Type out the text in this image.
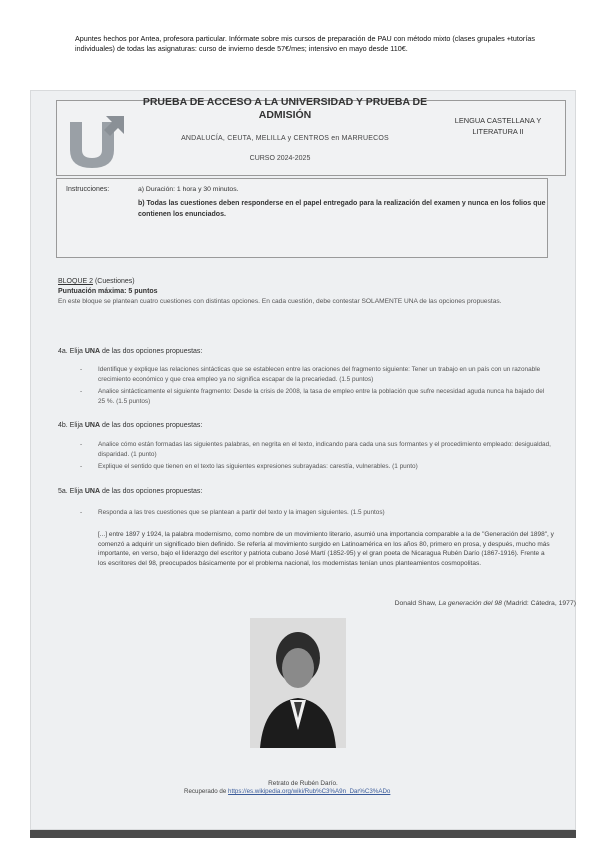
Apuntes hechos por Antea, profesora particular. Infórmate sobre mis cursos de preparación de PAU con método mixto (clases grupales +tutorías individuales) de todas las asignaturas: curso de invierno desde 57€/mes; intensivo en mayo desde 110€.
PRUEBA DE ACCESO A LA UNIVERSIDAD Y PRUEBA DE ADMISIÓN
ANDALUCÍA, CEUTA, MELILLA y CENTROS en MARRUECOS
CURSO 2024-2025
LENGUA CASTELLANA Y LITERATURA II
Instrucciones:	a) Duración: 1 hora y 30 minutos.
b) Todas las cuestiones deben responderse en el papel entregado para la realización del examen y nunca en los folios que contienen los enunciados.
BLOQUE 2 (Cuestiones)
Puntuación máxima: 5 puntos
En este bloque se plantean cuatro cuestiones con distintas opciones. En cada cuestión, debe contestar SOLAMENTE UNA de las opciones propuestas.
4a. Elija UNA de las dos opciones propuestas:
- Identifique y explique las relaciones sintácticas que se establecen entre las oraciones del fragmento siguiente: Tener un trabajo en un país con un razonable crecimiento económico y que crea empleo ya no significa escapar de la precariedad. (1.5 puntos)
- Analice sintácticamente el siguiente fragmento: Desde la crisis de 2008, la tasa de empleo entre la población que sufre necesidad aguda nunca ha bajado del 25 %. (1.5 puntos)
4b. Elija UNA de las dos opciones propuestas:
- Analice cómo están formadas las siguientes palabras, en negrita en el texto, indicando para cada una sus formantes y el procedimiento empleado: desigualdad, disparidad. (1 punto)
- Explique el sentido que tienen en el texto las siguientes expresiones subrayadas: carestía, vulnerables. (1 punto)
5a. Elija UNA de las dos opciones propuestas:
- Responda a las tres cuestiones que se plantean a partir del texto y la imagen siguientes. (1.5 puntos)
[...] entre 1897 y 1924, la palabra modernismo, como nombre de un movimiento literario, asumió una importancia comparable a la de "Generación del 1898", y comenzó a adquirir un significado bien definido. Se refería al movimiento surgido en Latinoamérica en los años 80, primero en prosa, y después, mucho más importante, en verso, bajo el liderazgo del escritor y patriota cubano José Martí (1852-95) y el gran poeta de Nicaragua Rubén Darío (1867-1916). Frente a los escritores del 98, preocupados básicamente por el problema nacional, los modernistas tenían unos planteamientos cosmopolitas.
Donald Shaw, La generación del 98 (Madrid: Cátedra, 1977)
Retrato de Rubén Darío.
Recuperado de https://es.wikipedia.org/wiki/Rub%C3%A9n_Dar%C3%ADo
